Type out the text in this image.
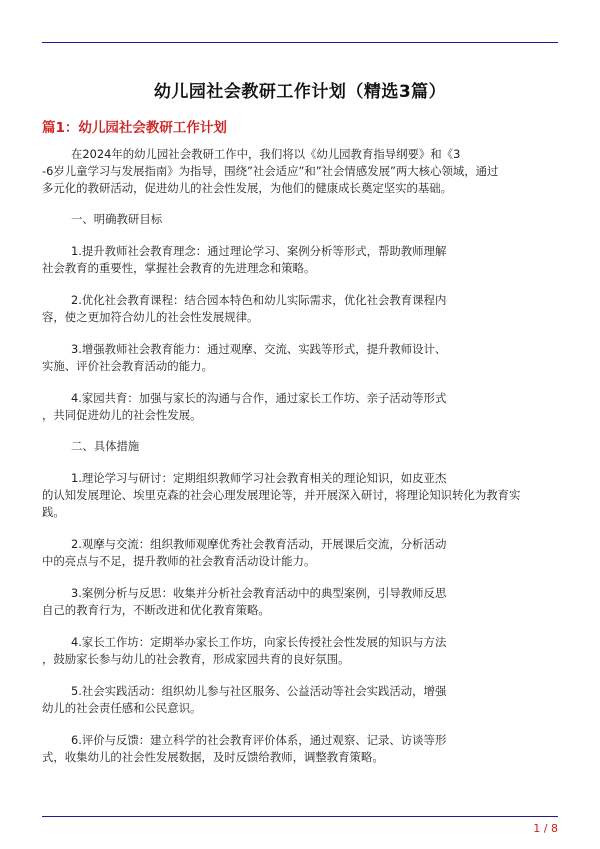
幼儿园社会教研工作计划（精选3篇）
篇1：幼儿园社会教研工作计划

在2024年的幼儿园社会教研工作中，我们将以《幼儿园教育指导纲要》和《3
-6岁儿童学习与发展指南》为指导，围绕”社会适应”和”社会情感发展”两大核心领域，通过
多元化的教研活动，促进幼儿的社会性发展，为他们的健康成长奠定坚实的基础。

一、明确教研目标

1.提升教师社会教育理念：通过理论学习、案例分析等形式，帮助教师理解
社会教育的重要性，掌握社会教育的先进理念和策略。

2.优化社会教育课程：结合园本特色和幼儿实际需求，优化社会教育课程内
容，使之更加符合幼儿的社会性发展规律。

3.增强教师社会教育能力：通过观摩、交流、实践等形式，提升教师设计、
实施、评价社会教育活动的能力。

4.家园共育：加强与家长的沟通与合作，通过家长工作坊、亲子活动等形式
，共同促进幼儿的社会性发展。

二、具体措施

1.理论学习与研讨：定期组织教师学习社会教育相关的理论知识，如皮亚杰
的认知发展理论、埃里克森的社会心理发展理论等，并开展深入研讨，将理论知识转化为教育实
践。

2.观摩与交流：组织教师观摩优秀社会教育活动，开展课后交流，分析活动
中的亮点与不足，提升教师的社会教育活动设计能力。

3.案例分析与反思：收集并分析社会教育活动中的典型案例，引导教师反思
自己的教育行为，不断改进和优化教育策略。

4.家长工作坊：定期举办家长工作坊，向家长传授社会性发展的知识与方法
，鼓励家长参与幼儿的社会教育，形成家园共育的良好氛围。

5.社会实践活动：组织幼儿参与社区服务、公益活动等社会实践活动，增强
幼儿的社会责任感和公民意识。

6.评价与反馈：建立科学的社会教育评价体系，通过观察、记录、访谈等形
式，收集幼儿的社会性发展数据，及时反馈给教师，调整教育策略。

1 / 8
